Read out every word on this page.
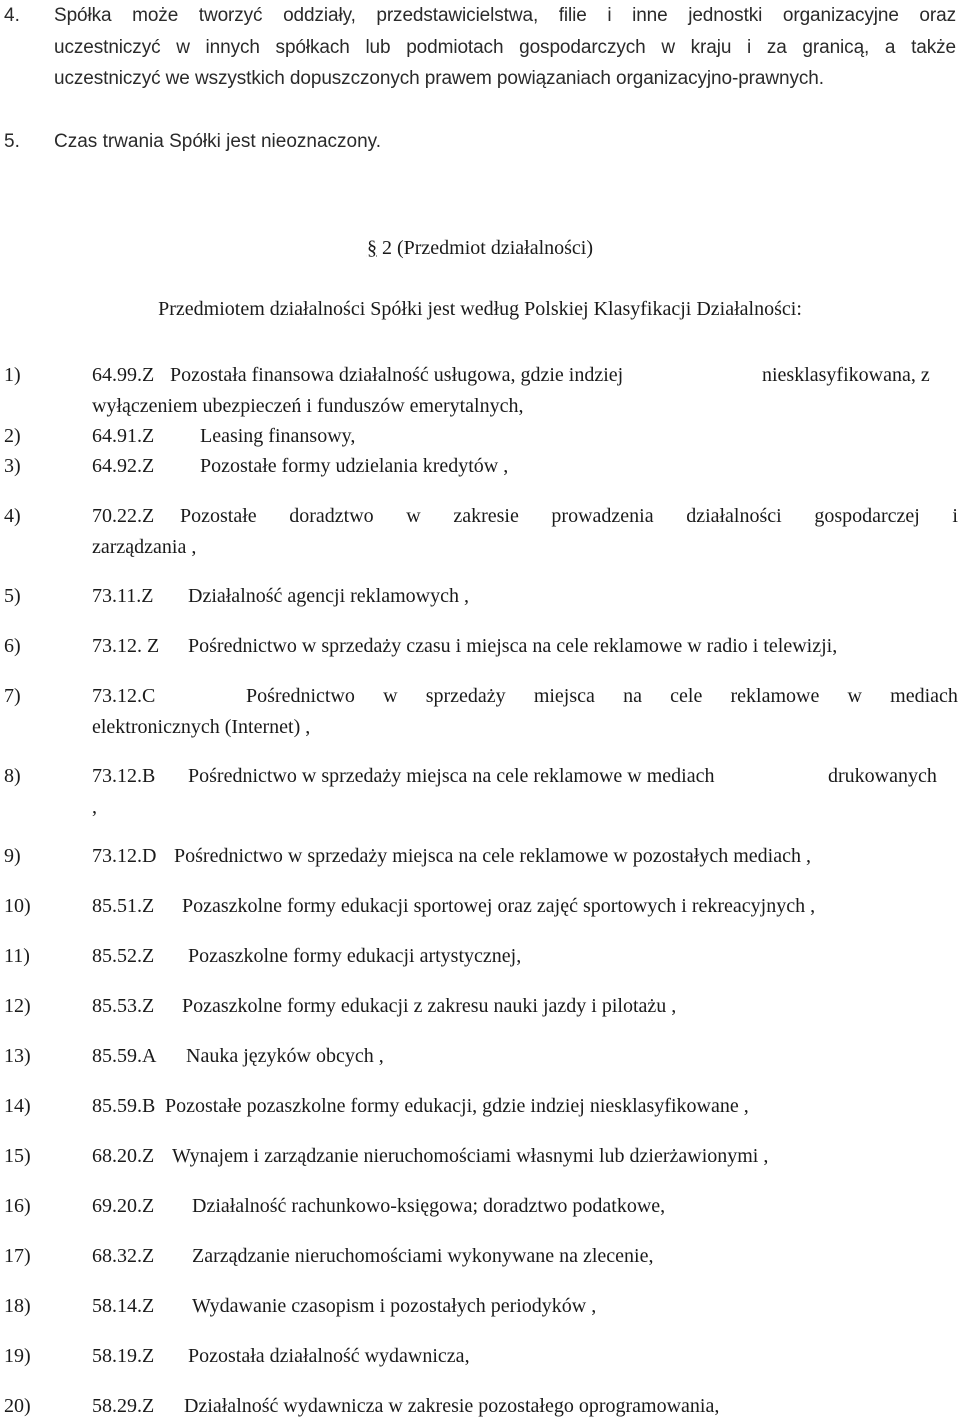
4.	Spółka może tworzyć oddziały, przedstawicielstwa, filie i inne jednostki organizacyjne oraz
uczestniczyć w innych spółkach lub podmiotach gospodarczych w kraju i za granicą, a także
uczestniczyć we wszystkich dopuszczonych prawem powiązaniach organizacyjno-prawnych.
5. Czas trwania Spółki jest nieoznaczony.
§ 2 (Przedmiot działalności)
Przedmiotem działalności Spółki jest według Polskiej Klasyfikacji Działalności:
1)	64.99.Z Pozostała finansowa działalność usługowa, gdzie indziej	niesklasyfikowana, z
wyłączeniem ubezpieczeń i funduszów emerytalnych,
2)	64.91.Z Leasing finansowy,
3)	64.92.Z Pozostałe formy udzielania kredytów ,
4)	70.22.Z Pozostałe doradztwo w zakresie prowadzenia działalności gospodarczej i
zarządzania ,
5)	73.11.Z Działalność agencji reklamowych ,
6)	73.12. Z Pośrednictwo w sprzedaży czasu i miejsca na cele reklamowe w radio i telewizji,
7)	73.12.C	Pośrednictwo w sprzedaży miejsca na cele reklamowe w mediach
elektronicznych (Internet) ,
8)	73.12.B Pośrednictwo w sprzedaży miejsca na cele reklamowe w mediach	drukowanych
,
9)	73.12.D Pośrednictwo w sprzedaży miejsca na cele reklamowe w pozostałych mediach ,
10)	85.51.Z Pozaszkolne formy edukacji sportowej oraz zajęć sportowych i rekreacyjnych ,
11)	85.52.Z Pozaszkolne formy edukacji artystycznej,
12)	85.53.Z Pozaszkolne formy edukacji z zakresu nauki jazdy i pilotażu ,
13)	85.59.A Nauka języków obcych ,
14)	85.59.B Pozostałe pozaszkolne formy edukacji, gdzie indziej niesklasyfikowane ,
15)	68.20.Z Wynajem i zarządzanie nieruchomościami własnymi lub dzierżawionymi ,
16)	69.20.Z Działalność rachunkowo-księgowa; doradztwo podatkowe,
17)	68.32.Z Zarządzanie nieruchomościami wykonywane na zlecenie,
18)	58.14.Z Wydawanie czasopism i pozostałych periodyków ,
19)	58.19.Z Pozostała działalność wydawnicza,
20)	58.29.Z Działalność wydawnicza w zakresie pozostałego oprogramowania,
